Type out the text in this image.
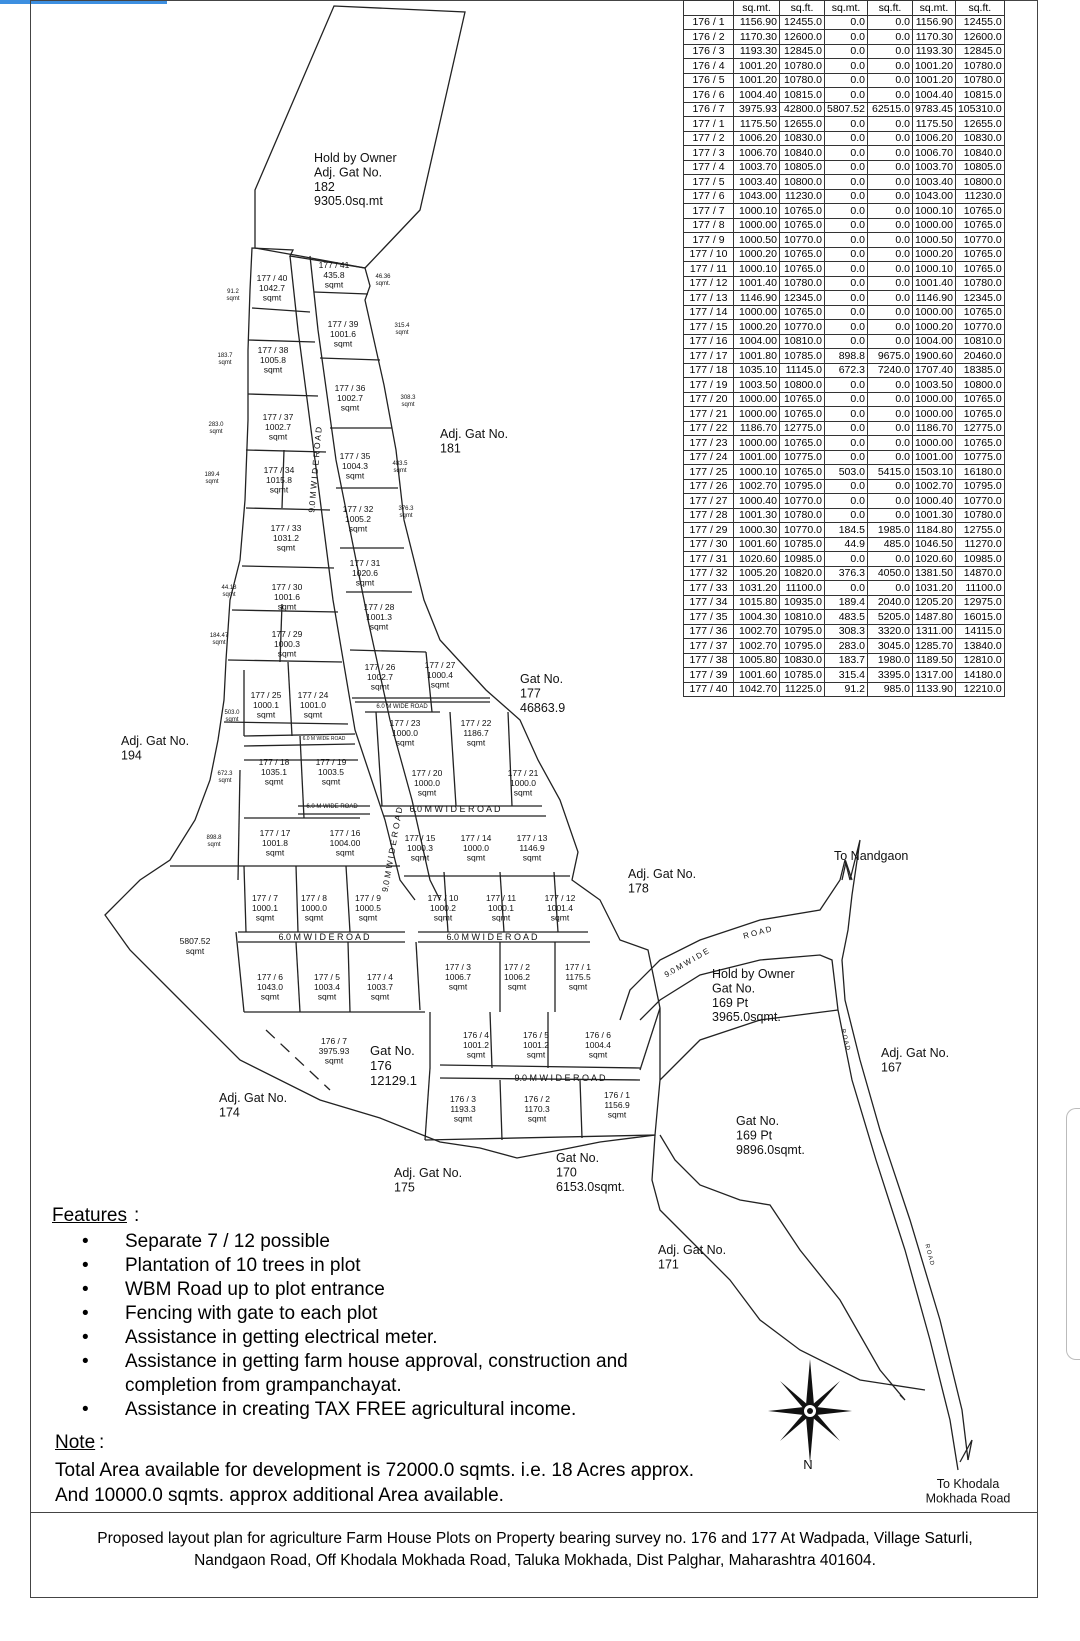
177 / 41 435.8 sqmt
177 / 40 1042.7 sqmt
177 / 39 1001.6 sqmt
177 / 38 1005.8 sqmt
177 / 36 1002.7 sqmt
177 / 37 1002.7 sqmt
177 / 35 1004.3 sqmt
177 / 34 1015.8 sqmt
177 / 32 1005.2 sqmt
177 / 33 1031.2 sqmt
177 / 31 1020.6 sqmt
177 / 30 1001.6 sqmt	177 / 28 1001.3 sqmt
177 / 29 1000.3 sqmt
177 / 26 1002.7 sqmt
177 / 27 1000.4 sqmt
177 / 25 1000.1 sqmt
177 / 24 1001.0 sqmt
177 / 23 1000.0 sqmt
177 / 22 1186.7 sqmt
177 / 18 1035.1 sqmt
177 / 19 1003.5 sqmt
177 / 20 1000.0 sqmt
177 / 21 1000.0 sqmt
177 / 17 1001.8 sqmt
177 / 16 1004.00 sqmt
177 / 15 1000.3 sqmt
177 / 14 1000.0 sqmt
177 / 13 1146.9 sqmt
177 / 7 1000.1 sqmt
177 / 8 1000.0 sqmt
177 / 9 1000.5 sqmt
177 / 10 1000.2 sqmt
177 / 11 1000.1 sqmt
177 / 12 1001.4 sqmt
177 / 6 1043.0 sqmt
177 / 5 1003.4 sqmt
177 / 4 1003.7 sqmt
177 / 3 1006.7 sqmt
177 / 2 1006.2 sqmt
177 / 1 1175.5 sqmt
176 / 7 3975.93 sqmt
176 / 4 1001.2 sqmt
176 / 5 1001.2 sqmt
176 / 6 1004.4 sqmt
176 / 3 1193.3 sqmt
176 / 2 1170.3 sqmt
176 / 1 1156.9 sqmt
46.36 sqmt.
91.2 sqmt
315.4 sqmt
183.7 sqmt
308.3 sqmt
283.0 sqmt
483.5 sqmt
189.4 sqmt
376.3 sqmt
44.18 sqmt
184.47 sqmt
503.0 sqmt
672.3 sqmt
898.8 sqmt
5807.52 sqmt
9.0 M W I D E R O A D
9.0 M W I D E R O A D
6.0 M WIDE ROAD
6.0 M WIDE ROAD
6.0 M WIDE ROAD	6.0 M W I D E R O A D
6.0 M W I D E R O A D	6.0 M W I D E R O A D
9.0 M W I D E R O A D
9.0 M W I D E
R O A D
R O A D
R O A D
Hold by Owner Adj. Gat No. 182 9305.0sq.mt
Adj. Gat No. 181
Gat No. 177 46863.9
Adj. Gat No. 194
Adj. Gat No. 178
To Nandgaon
Hold by Owner Gat No. 169 Pt 3965.0sqmt.
Adj. Gat No. 167
Gat No. 176 12129.1
Adj. Gat No. 174
Gat No. 169 Pt 9896.0sqmt.
Adj. Gat No. 175
Gat No. 170 6153.0sqmt.
Adj. Gat No. 171
To Khodala Mokhada Road
N
	sq.mt.	sq.ft.	sq.mt.	sq.ft.	sq.mt.	sq.ft.
176 / 1	1156.90	12455.0	0.0	0.0	1156.90	12455.0
176 / 2	1170.30	12600.0	0.0	0.0	1170.30	12600.0
176 / 3	1193.30	12845.0	0.0	0.0	1193.30	12845.0
176 / 4	1001.20	10780.0	0.0	0.0	1001.20	10780.0
176 / 5	1001.20	10780.0	0.0	0.0	1001.20	10780.0
176 / 6	1004.40	10815.0	0.0	0.0	1004.40	10815.0
176 / 7	3975.93	42800.0	5807.52	62515.0	9783.45	105310.0
177 / 1	1175.50	12655.0	0.0	0.0	1175.50	12655.0
177 / 2	1006.20	10830.0	0.0	0.0	1006.20	10830.0
177 / 3	1006.70	10840.0	0.0	0.0	1006.70	10840.0
177 / 4	1003.70	10805.0	0.0	0.0	1003.70	10805.0
177 / 5	1003.40	10800.0	0.0	0.0	1003.40	10800.0
177 / 6	1043.00	11230.0	0.0	0.0	1043.00	11230.0
177 / 7	1000.10	10765.0	0.0	0.0	1000.10	10765.0
177 / 8	1000.00	10765.0	0.0	0.0	1000.00	10765.0
177 / 9	1000.50	10770.0	0.0	0.0	1000.50	10770.0
177 / 10	1000.20	10765.0	0.0	0.0	1000.20	10765.0
177 / 11	1000.10	10765.0	0.0	0.0	1000.10	10765.0
177 / 12	1001.40	10780.0	0.0	0.0	1001.40	10780.0
177 / 13	1146.90	12345.0	0.0	0.0	1146.90	12345.0
177 / 14	1000.00	10765.0	0.0	0.0	1000.00	10765.0
177 / 15	1000.20	10770.0	0.0	0.0	1000.20	10770.0
177 / 16	1004.00	10810.0	0.0	0.0	1004.00	10810.0
177 / 17	1001.80	10785.0	898.8	9675.0	1900.60	20460.0
177 / 18	1035.10	11145.0	672.3	7240.0	1707.40	18385.0
177 / 19	1003.50	10800.0	0.0	0.0	1003.50	10800.0
177 / 20	1000.00	10765.0	0.0	0.0	1000.00	10765.0
177 / 21	1000.00	10765.0	0.0	0.0	1000.00	10765.0
177 / 22	1186.70	12775.0	0.0	0.0	1186.70	12775.0
177 / 23	1000.00	10765.0	0.0	0.0	1000.00	10765.0
177 / 24	1001.00	10775.0	0.0	0.0	1001.00	10775.0
177 / 25	1000.10	10765.0	503.0	5415.0	1503.10	16180.0
177 / 26	1002.70	10795.0	0.0	0.0	1002.70	10795.0
177 / 27	1000.40	10770.0	0.0	0.0	1000.40	10770.0
177 / 28	1001.30	10780.0	0.0	0.0	1001.30	10780.0
177 / 29	1000.30	10770.0	184.5	1985.0	1184.80	12755.0
177 / 30	1001.60	10785.0	44.9	485.0	1046.50	11270.0
177 / 31	1020.60	10985.0	0.0	0.0	1020.60	10985.0
177 / 32	1005.20	10820.0	376.3	4050.0	1381.50	14870.0
177 / 33	1031.20	11100.0	0.0	0.0	1031.20	11100.0
177 / 34	1015.80	10935.0	189.4	2040.0	1205.20	12975.0
177 / 35	1004.30	10810.0	483.5	5205.0	1487.80	16015.0
177 / 36	1002.70	10795.0	308.3	3320.0	1311.00	14115.0
177 / 37	1002.70	10795.0	283.0	3045.0	1285.70	13840.0
177 / 38	1005.80	10830.0	183.7	1980.0	1189.50	12810.0
177 / 39	1001.60	10785.0	315.4	3395.0	1317.00	14180.0
177 / 40	1042.70	11225.0	91.2	985.0	1133.90	12210.0
Features :
• Separate 7 / 12 possible
• Plantation of 10 trees in plot
• WBM Road up to plot entrance
• Fencing with gate to each plot
• Assistance in getting electrical meter.
• Assistance in getting farm house approval, construction and completion from grampanchayat.
• Assistance in creating TAX FREE agricultural income.
Note :
Total Area available for development is 72000.0 sqmts. i.e. 18 Acres approx. And 10000.0 sqmts. approx additional Area available.
Proposed layout plan for agriculture Farm House Plots on Property bearing survey no. 176 and 177 At Wadpada, Village Saturli,
Nandgaon Road, Off Khodala Mokhada Road, Taluka Mokhada, Dist Palghar, Maharashtra 401604.
